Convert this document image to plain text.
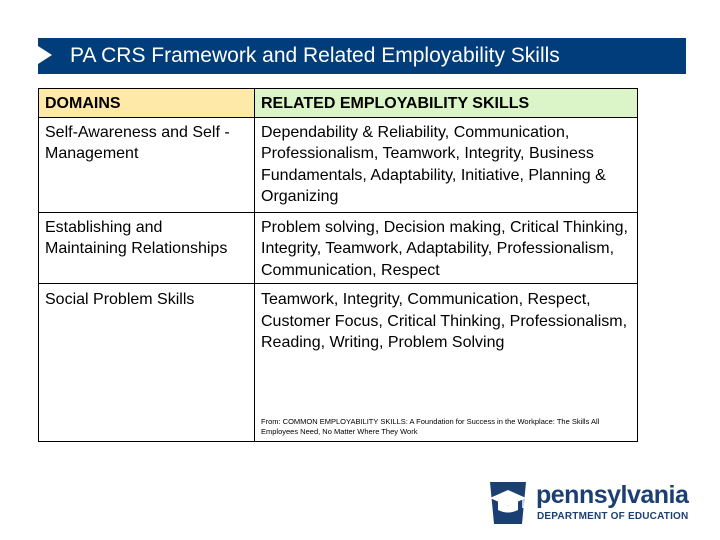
PA CRS Framework and Related Employability Skills
DOMAINS	RELATED EMPLOYABILITY SKILLS
Self-Awareness and Self -Management	Dependability & Reliability, Communication, Professionalism, Teamwork, Integrity, Business Fundamentals, Adaptability, Initiative, Planning & Organizing
Establishing and Maintaining Relationships	Problem solving, Decision making, Critical Thinking, Integrity, Teamwork, Adaptability, Professionalism, Communication, Respect
Social Problem Skills	Teamwork, Integrity, Communication, Respect, Customer Focus, Critical Thinking, Professionalism, Reading, Writing, Problem Solving
From: COMMON EMPLOYABILITY SKILLS: A Foundation for Success in the Workplace: The Skills All Employees Need, No Matter Where They Work
pennsylvania
DEPARTMENT OF EDUCATION
